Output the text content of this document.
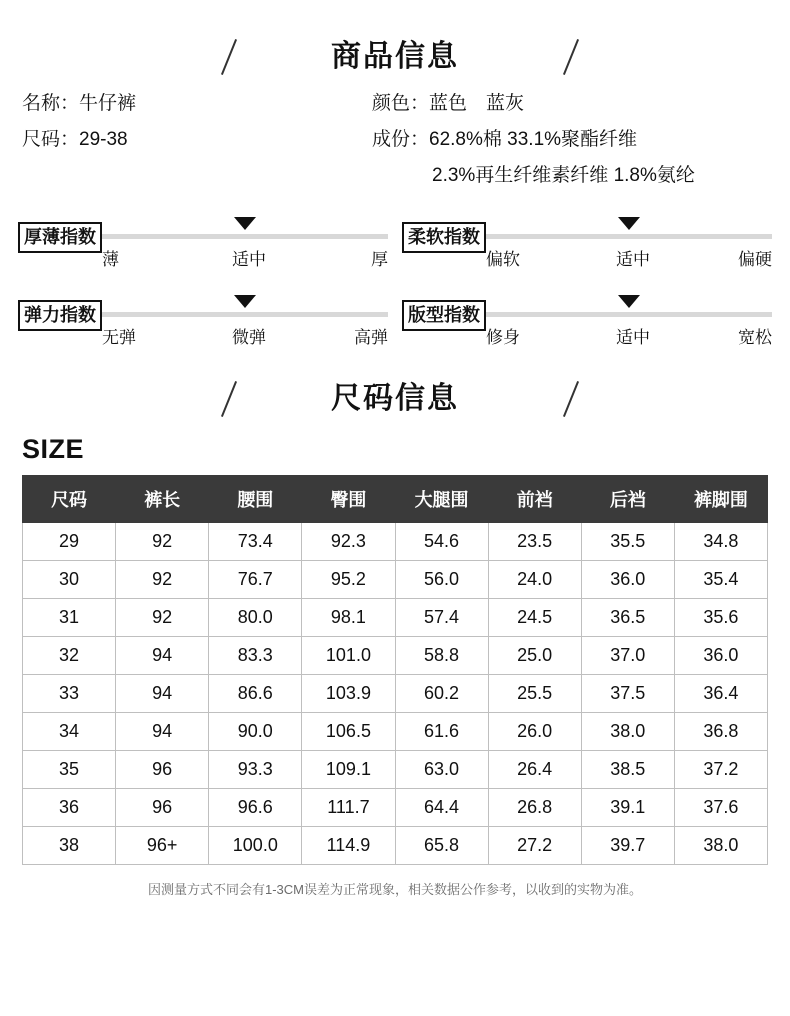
商品信息
名称：牛仔裤	颜色：蓝色　蓝灰
尺码：29-38	成份：62.8%棉 33.1%聚酯纤维
2.3%再生纤维素纤维 1.8%氨纶
厚薄指数
薄	适中	厚
柔软指数
偏软	适中	偏硬
弹力指数
无弹	微弹	高弹
版型指数
修身	适中	宽松
尺码信息
SIZE
尺码	裤长	腰围	臀围	大腿围	前裆	后裆	裤脚围
29	92	73.4	92.3	54.6	23.5	35.5	34.8
30	92	76.7	95.2	56.0	24.0	36.0	35.4
31	92	80.0	98.1	57.4	24.5	36.5	35.6
32	94	83.3	101.0	58.8	25.0	37.0	36.0
33	94	86.6	103.9	60.2	25.5	37.5	36.4
34	94	90.0	106.5	61.6	26.0	38.0	36.8
35	96	93.3	109.1	63.0	26.4	38.5	37.2
36	96	96.6	111.7	64.4	26.8	39.1	37.6
38	96+	100.0	114.9	65.8	27.2	39.7	38.0
因测量方式不同会有1-3CM误差为正常现象，相关数据公作参考，以收到的实物为准。
